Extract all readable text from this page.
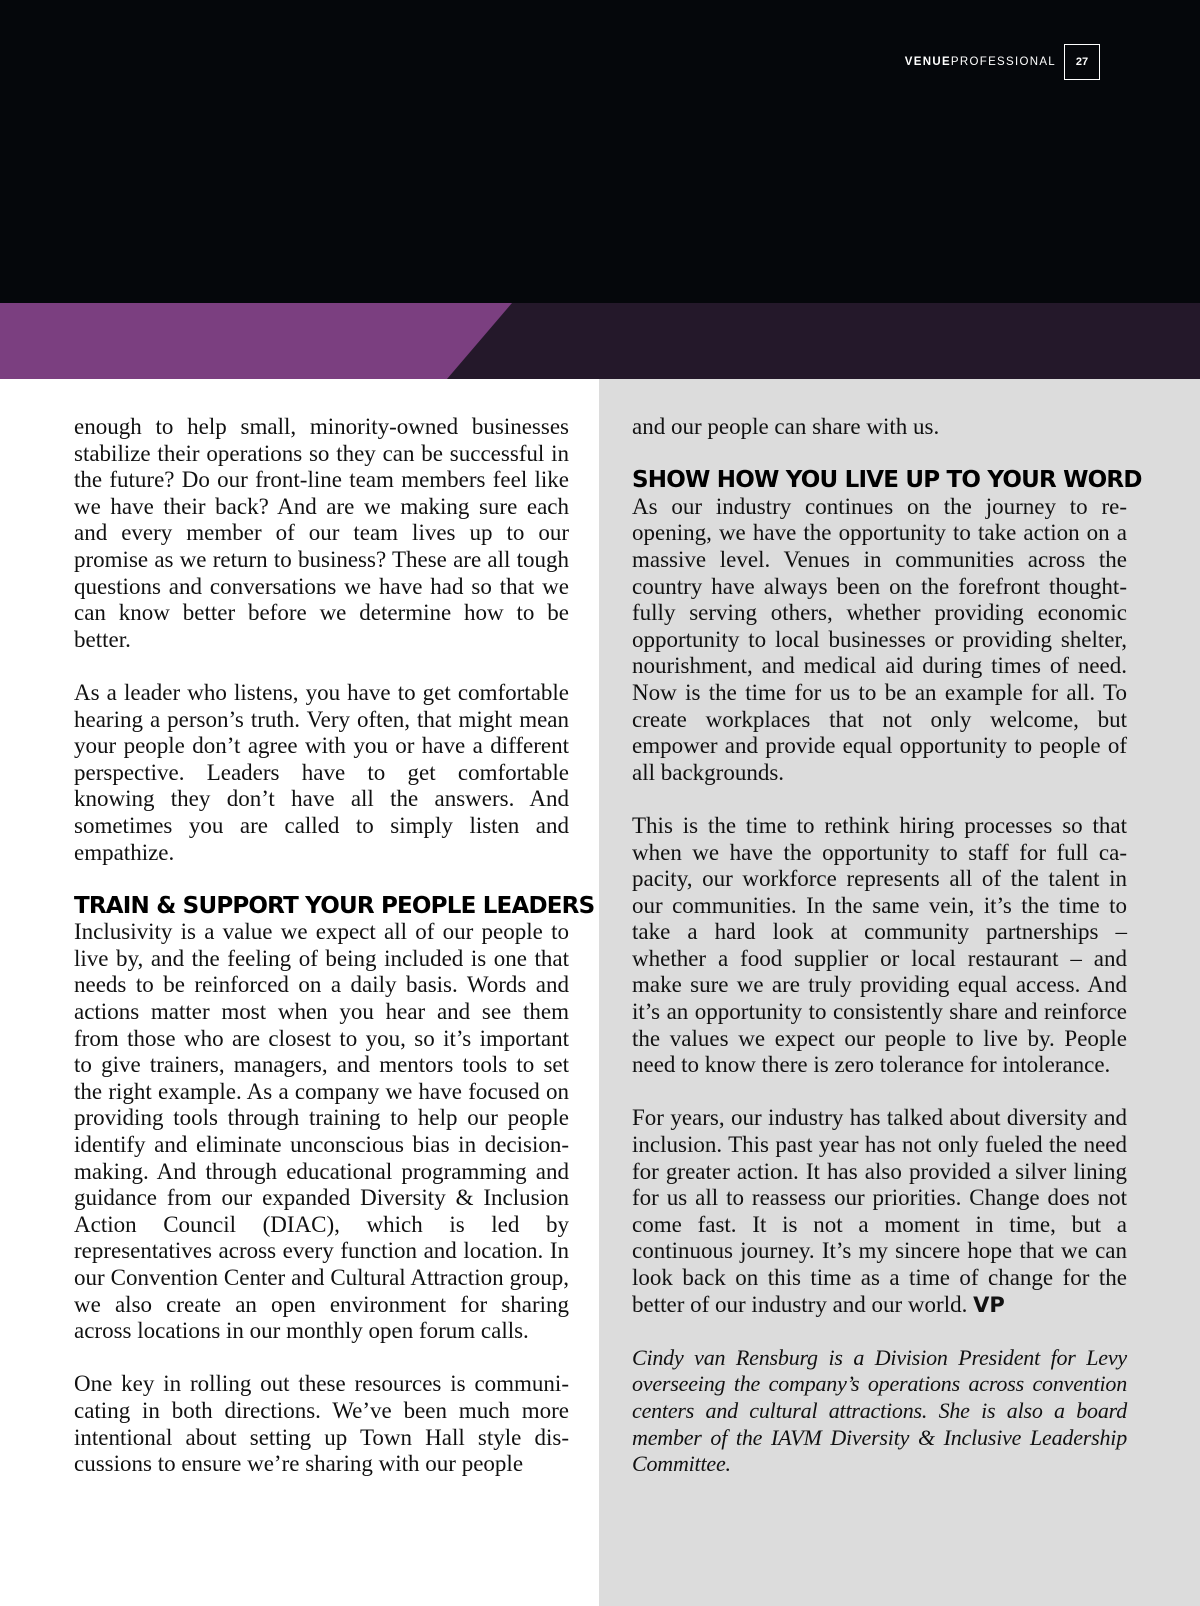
VENUEPROFESSIONAL	27

enough to help small, minority-owned businesses stabilize their operations so they can be successful in the future? Do our front-line team members feel like we have their back? And are we making sure each and every member of our team lives up to our promise as we return to business? These are all tough questions and conversations we have had so that we can know better before we determine how to be better.

As a leader who listens, you have to get comfortable hearing a person’s truth. Very often, that might mean your people don’t agree with you or have a different perspective. Leaders have to get comfortable knowing they don’t have all the answers. And sometimes you are called to simply listen and empathize.

TRAIN & SUPPORT YOUR PEOPLE LEADERS

Inclusivity is a value we expect all of our people to live by, and the feeling of being included is one that needs to be reinforced on a daily basis. Words and actions matter most when you hear and see them from those who are closest to you, so it’s important to give trainers, managers, and mentors tools to set the right example. As a company we have focused on providing tools through training to help our people identify and eliminate unconscious bias in decision-making. And through educational programming and guidance from our expanded Diversity & Inclusion Action Council (DIAC), which is led by representatives across every function and location. In our Convention Center and Cultural Attraction group, we also create an open environment for sharing across locations in our monthly open forum calls.

One key in rolling out these resources is communicating in both directions. We’ve been much more intentional about setting up Town Hall style discussions to ensure we’re sharing with our people

and our people can share with us.

SHOW HOW YOU LIVE UP TO YOUR WORD

As our industry continues on the journey to reopening, we have the opportunity to take action on a massive level. Venues in communities across the country have always been on the forefront thoughtfully serving others, whether providing economic opportunity to local businesses or providing shelter, nourishment, and medical aid during times of need. Now is the time for us to be an example for all. To create workplaces that not only welcome, but empower and provide equal opportunity to people of all backgrounds.

This is the time to rethink hiring processes so that when we have the opportunity to staff for full capacity, our workforce represents all of the talent in our communities. In the same vein, it’s the time to take a hard look at community partnerships – whether a food supplier or local restaurant – and make sure we are truly providing equal access. And it’s an opportunity to consistently share and reinforce the values we expect our people to live by. People need to know there is zero tolerance for intolerance.

For years, our industry has talked about diversity and inclusion. This past year has not only fueled the need for greater action. It has also provided a silver lining for us all to reassess our priorities. Change does not come fast. It is not a moment in time, but a continuous journey. It’s my sincere hope that we can look back on this time as a time of change for the better of our industry and our world. VP

Cindy van Rensburg is a Division President for Levy overseeing the company’s operations across convention centers and cultural attractions. She is also a board member of the IAVM Diversity & Inclusive Leadership Committee.
